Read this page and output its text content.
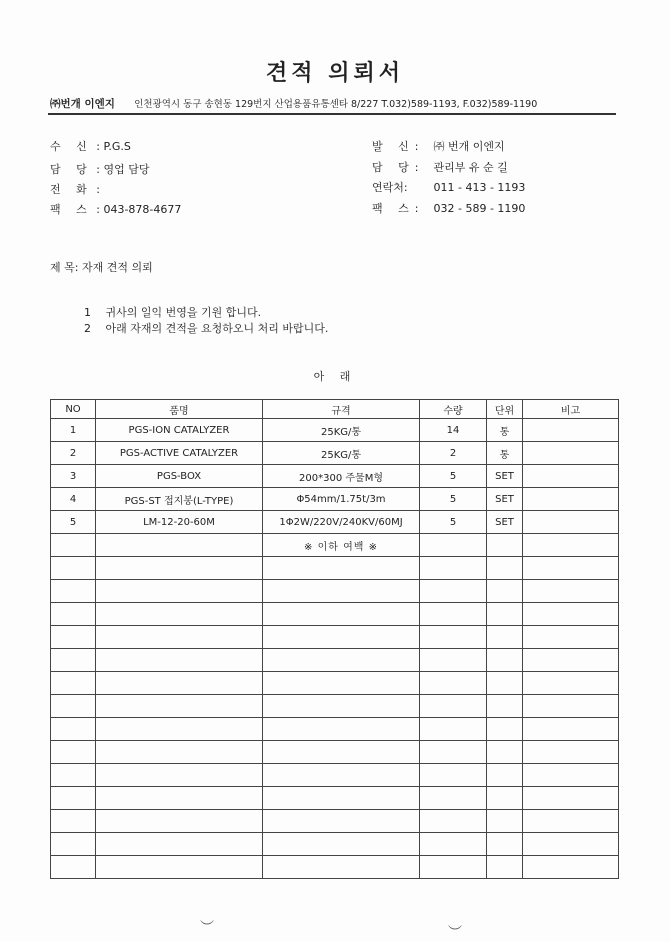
견적 의뢰서
㈜번개 이엔지 인천광역시 동구 송현동 129번지 산업용품유통센타 8/227 T.032)589-1193, F.032)589-1190
수 신 : P.G.S
담 당 : 영업 담당
전 화 :
팩 스 : 043-878-4677
발 신: ㈜ 번개 이엔지
담 당: 관리부 유 순 길
연락처: 011 - 413 - 1193
팩 스: 032 - 589 - 1190
제 목: 자재 견적 의뢰
1 귀사의 일익 번영을 기원 합니다.
2 아래 자재의 견적을 요청하오니 처리 바랍니다.
아 래
NO	품명	규격	수량	단위	비고
1	PGS-ION CATALYZER	25KG/통	14	통	
2	PGS-ACTIVE CATALYZER	25KG/통	2	통	
3	PGS-BOX	200*300 주물M형	5	SET	
4	PGS-ST 접지봉(L-TYPE)	Φ54mm/1.75t/3m	5	SET	
5	LM-12-20-60M	1Φ2W/220V/240KV/60MJ	5	SET	
		※ 이하 여백 ※			

︶	︶
